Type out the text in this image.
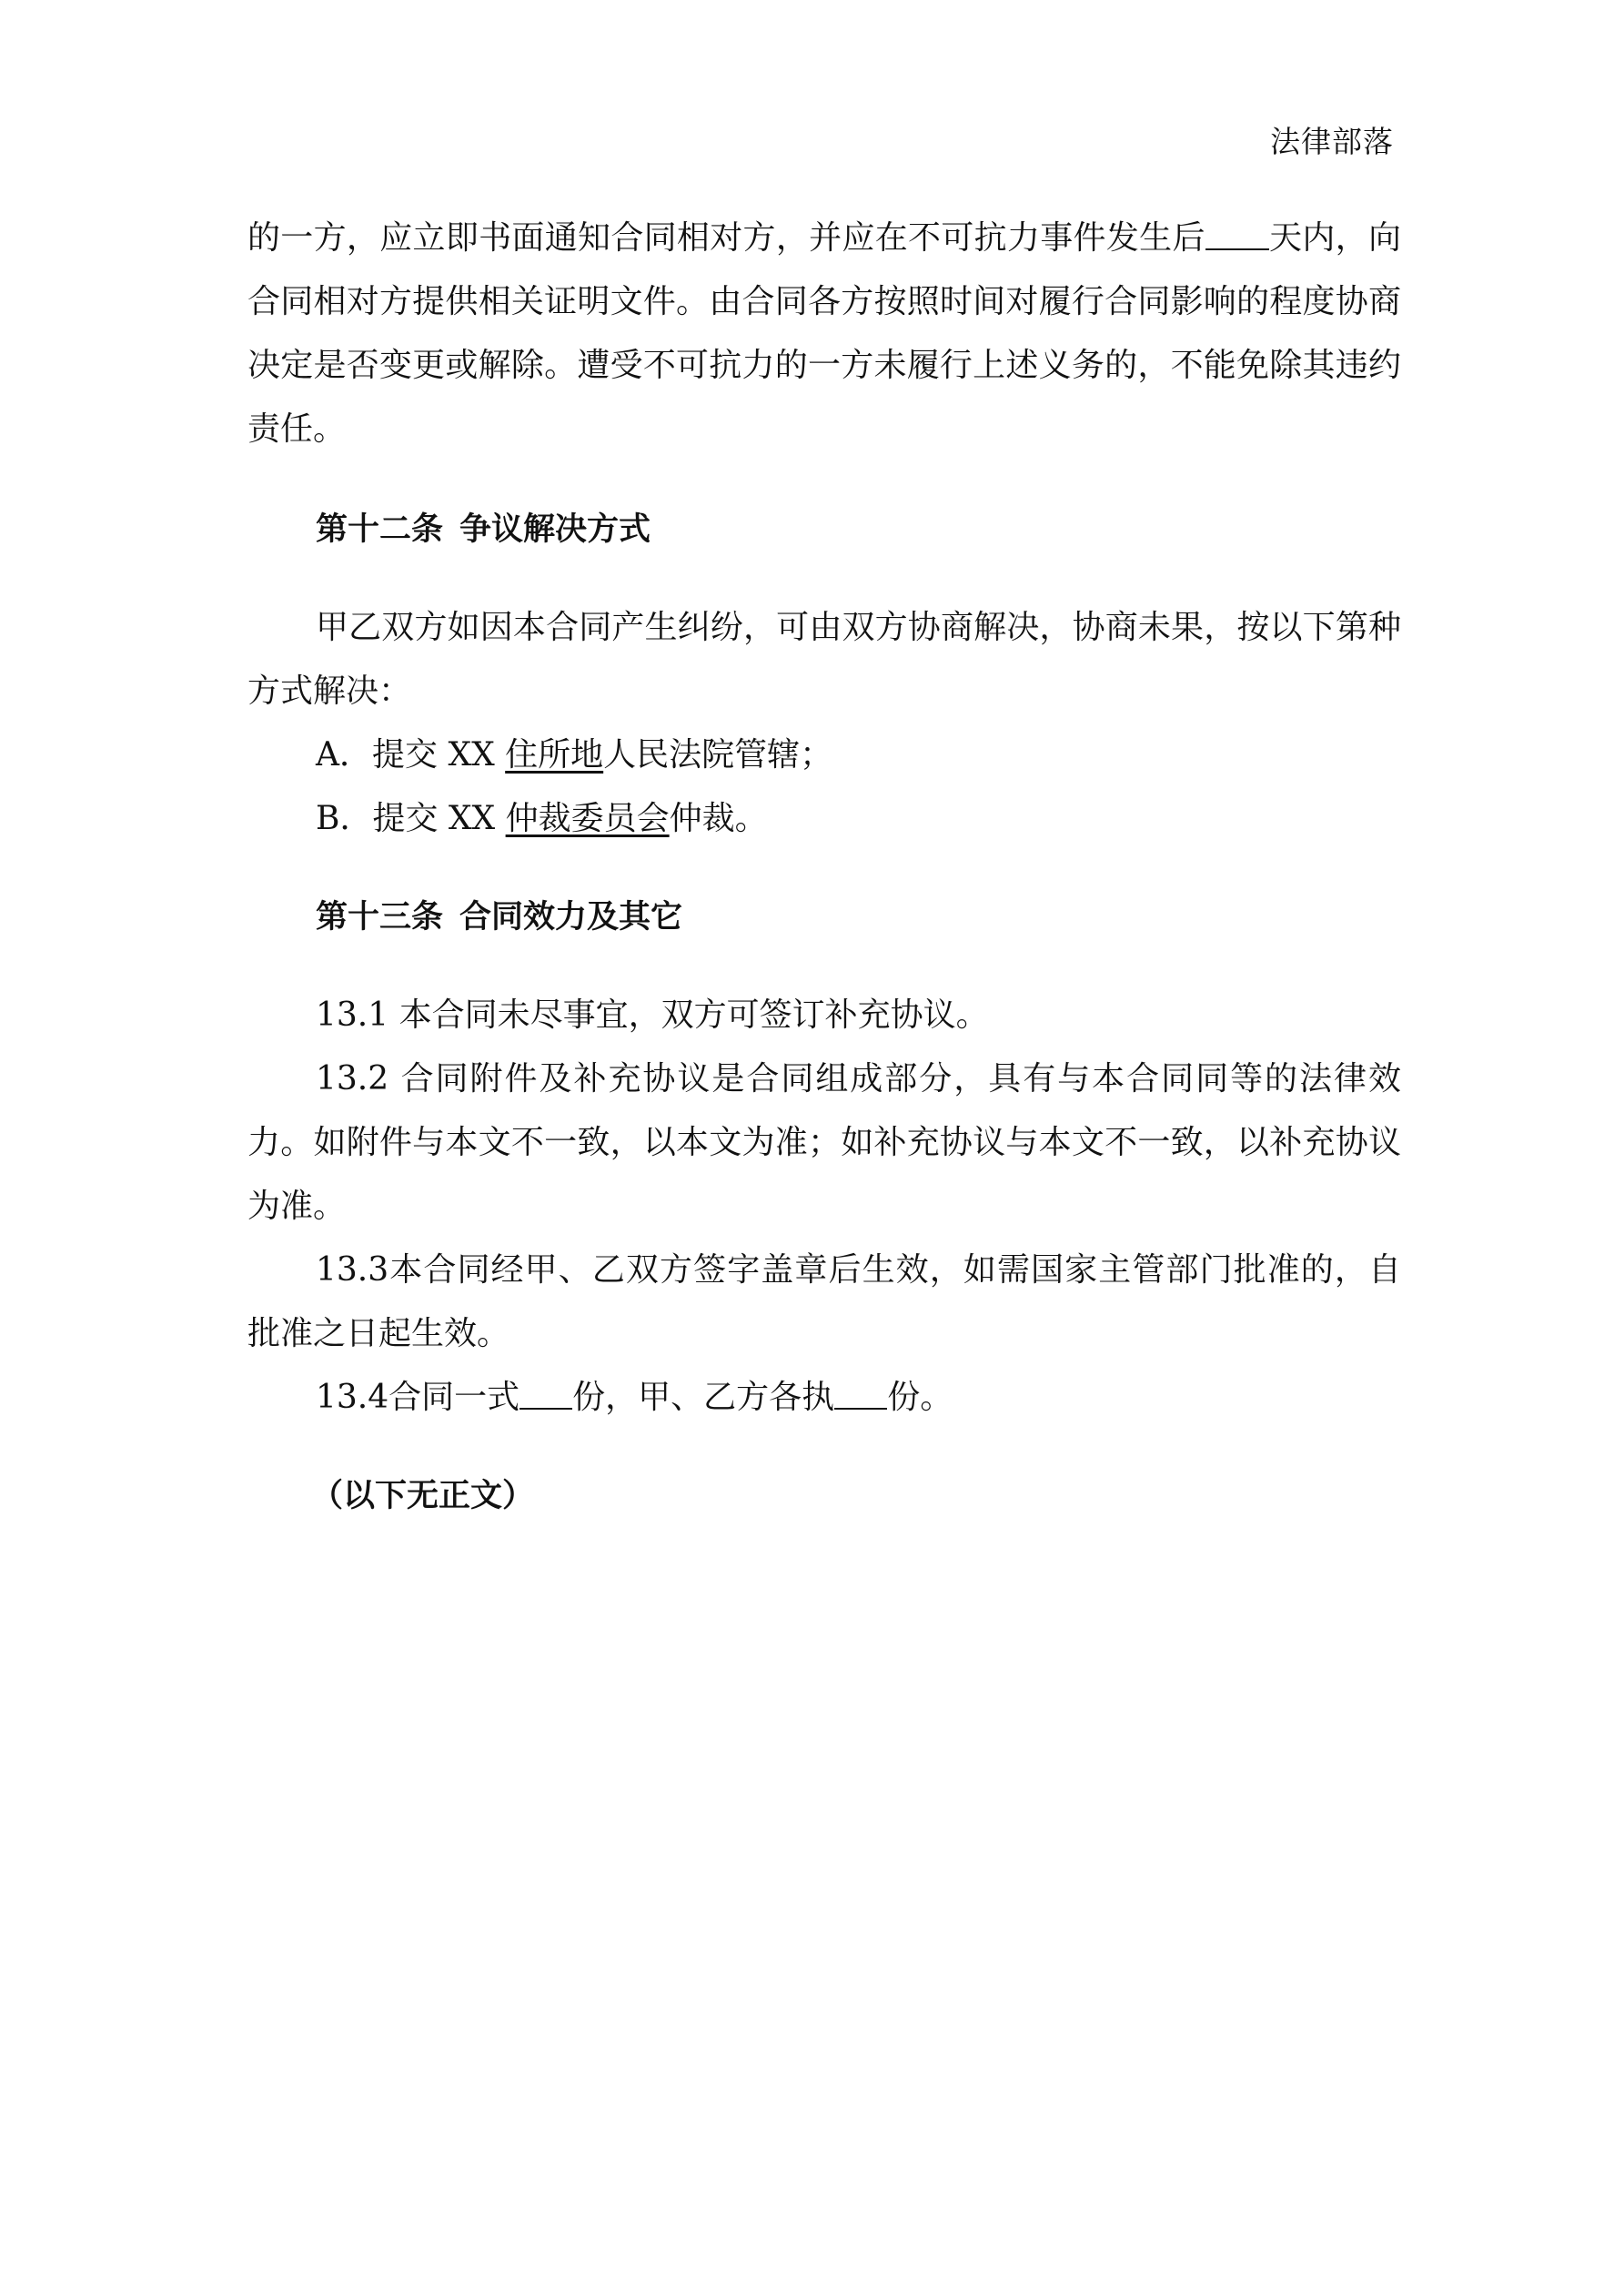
法律部落

的一方，应立即书面通知合同相对方，并应在不可抗力事件发生后 天内，向合同相对方提供相关证明文件。由合同各方按照时间对履行合同影响的程度协商决定是否变更或解除。遭受不可抗力的一方未履行上述义务的，不能免除其违约责任。

第十二条 争议解决方式

甲乙双方如因本合同产生纠纷，可由双方协商解决，协商未果，按以下第种方式解决：

A．提交 XX 住所地人民法院管辖；

B．提交 XX 仲裁委员会仲裁。

第十三条 合同效力及其它

13.1 本合同未尽事宜，双方可签订补充协议。

13.2 合同附件及补充协议是合同组成部分，具有与本合同同等的法律效力。如附件与本文不一致，以本文为准；如补充协议与本文不一致，以补充协议为准。

13.3本合同经甲、乙双方签字盖章后生效，如需国家主管部门批准的，自批准之日起生效。

13.4合同一式 份，甲、乙方各执 份。

（以下无正文）
